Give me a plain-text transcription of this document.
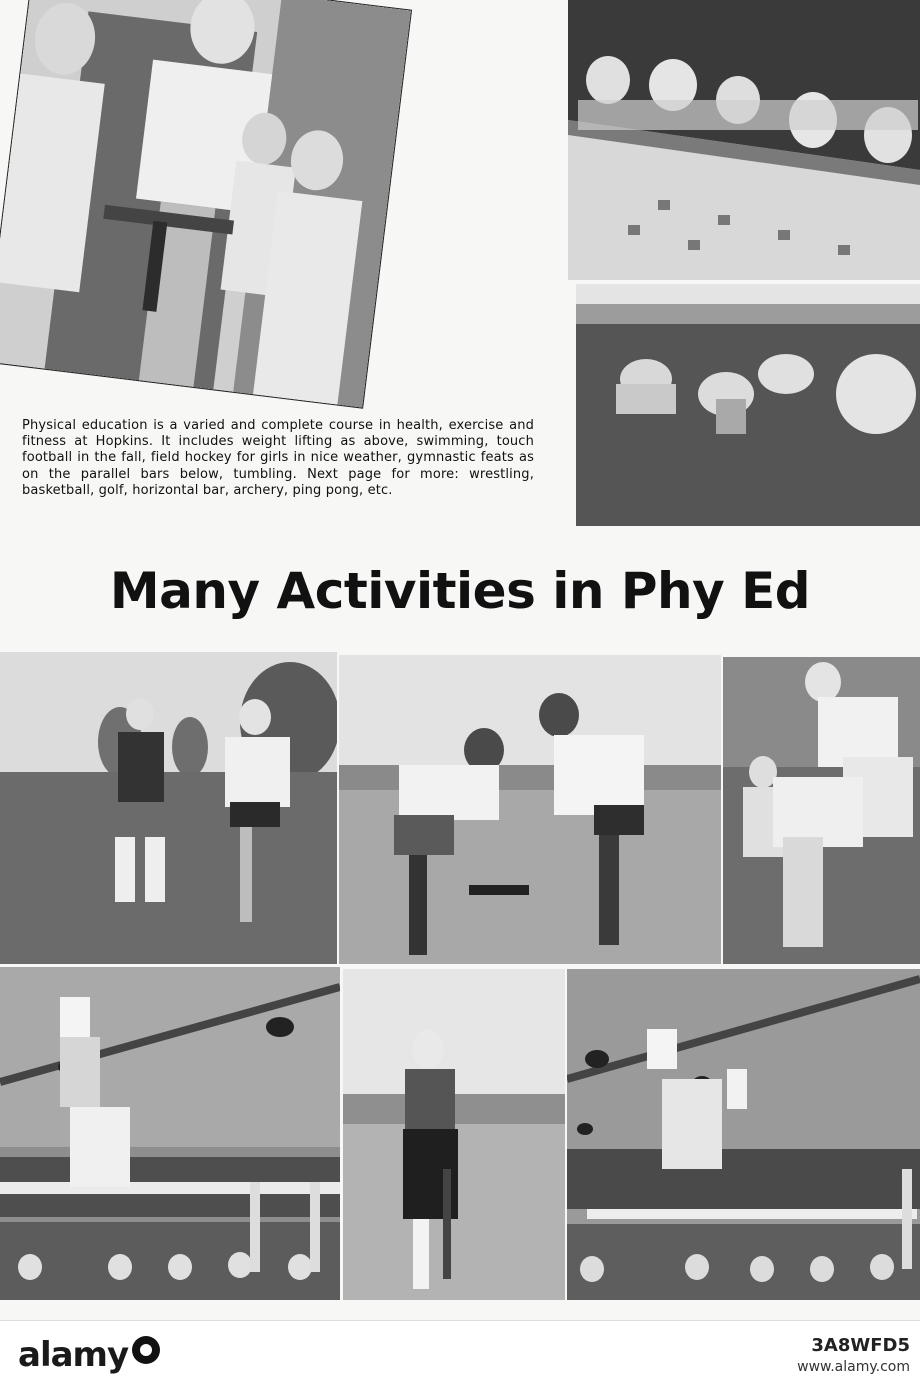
Physical education is a varied and complete course in health, exercise and fitness at Hopkins. It includes weight lifting as above, swimming, touch football in the fall, field hockey for girls in nice weather, gymnastic feats as on the parallel bars below, tumbling. Next page for more: wrestling, basketball, golf, horizontal bar, archery, ping pong, etc.
Many Activities in Phy Ed
alamy	3A8WFD5
www.alamy.com
